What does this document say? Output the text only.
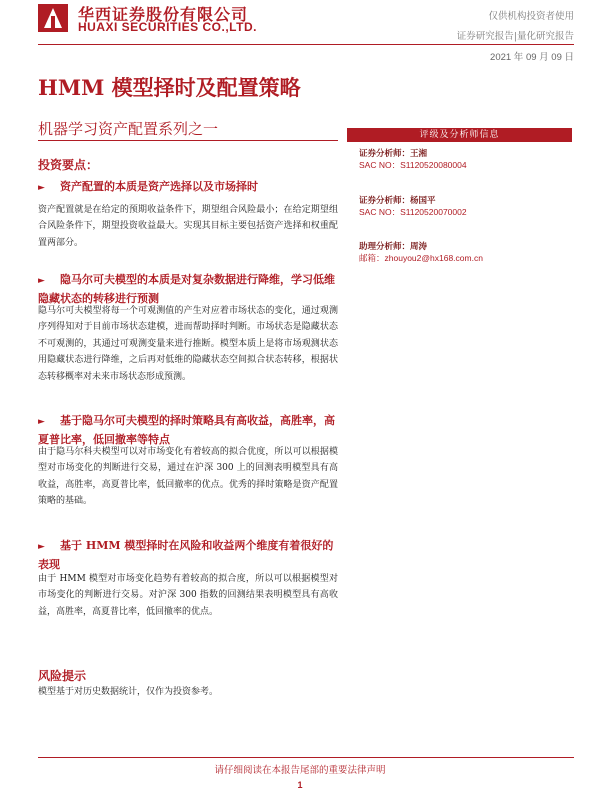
华西证券股份有限公司
HUAXI SECURITIES CO.,LTD.
仅供机构投资者使用
证券研究报告|量化研究报告
2021 年 09 月 09 日
HMM 模型择时及配置策略
机器学习资产配置系列之一	评级及分析师信息
证券分析师：王湘
SAC NO：S1120520080004
证券分析师：杨国平
SAC NO：S1120520070002
助理分析师：周涛
邮箱：zhouyou2@hx168.com.cn
投资要点：
► 资产配置的本质是资产选择以及市场择时
资产配置就是在给定的预期收益条件下，期望组合风险最小；在给定期望组合风险条件下，期望投资收益最大。实现其目标主要包括资产选择和权重配置两部分。
► 隐马尔可夫模型的本质是对复杂数据进行降维，学习低维隐藏状态的转移进行预测
隐马尔可夫模型将每一个可观测值的产生对应着市场状态的变化，通过观测序列得知对于目前市场状态建模，进而帮助择时判断。市场状态是隐藏状态不可观测的，其通过可观测变量来进行推断。模型本质上是将市场观测状态用隐藏状态进行降维，之后再对低维的隐藏状态空间拟合状态转移，根据状态转移概率对未来市场状态形成预测。
► 基于隐马尔可夫模型的择时策略具有高收益，高胜率，高夏普比率，低回撤率等特点
由于隐马尔科夫模型可以对市场变化有着较高的拟合优度，所以可以根据模型对市场变化的判断进行交易，通过在沪深 300 上的回测表明模型具有高收益，高胜率，高夏普比率，低回撤率的优点。优秀的择时策略是资产配置策略的基础。
► 基于 HMM 模型择时在风险和收益两个维度有着很好的表现
由于 HMM 模型对市场变化趋势有着较高的拟合度，所以可以根据模型对市场变化的判断进行交易。对沪深 300 指数的回测结果表明模型具有高收益，高胜率，高夏普比率，低回撤率的优点。
风险提示
模型基于对历史数据统计，仅作为投资参考。
请仔细阅读在本报告尾部的重要法律声明
1
